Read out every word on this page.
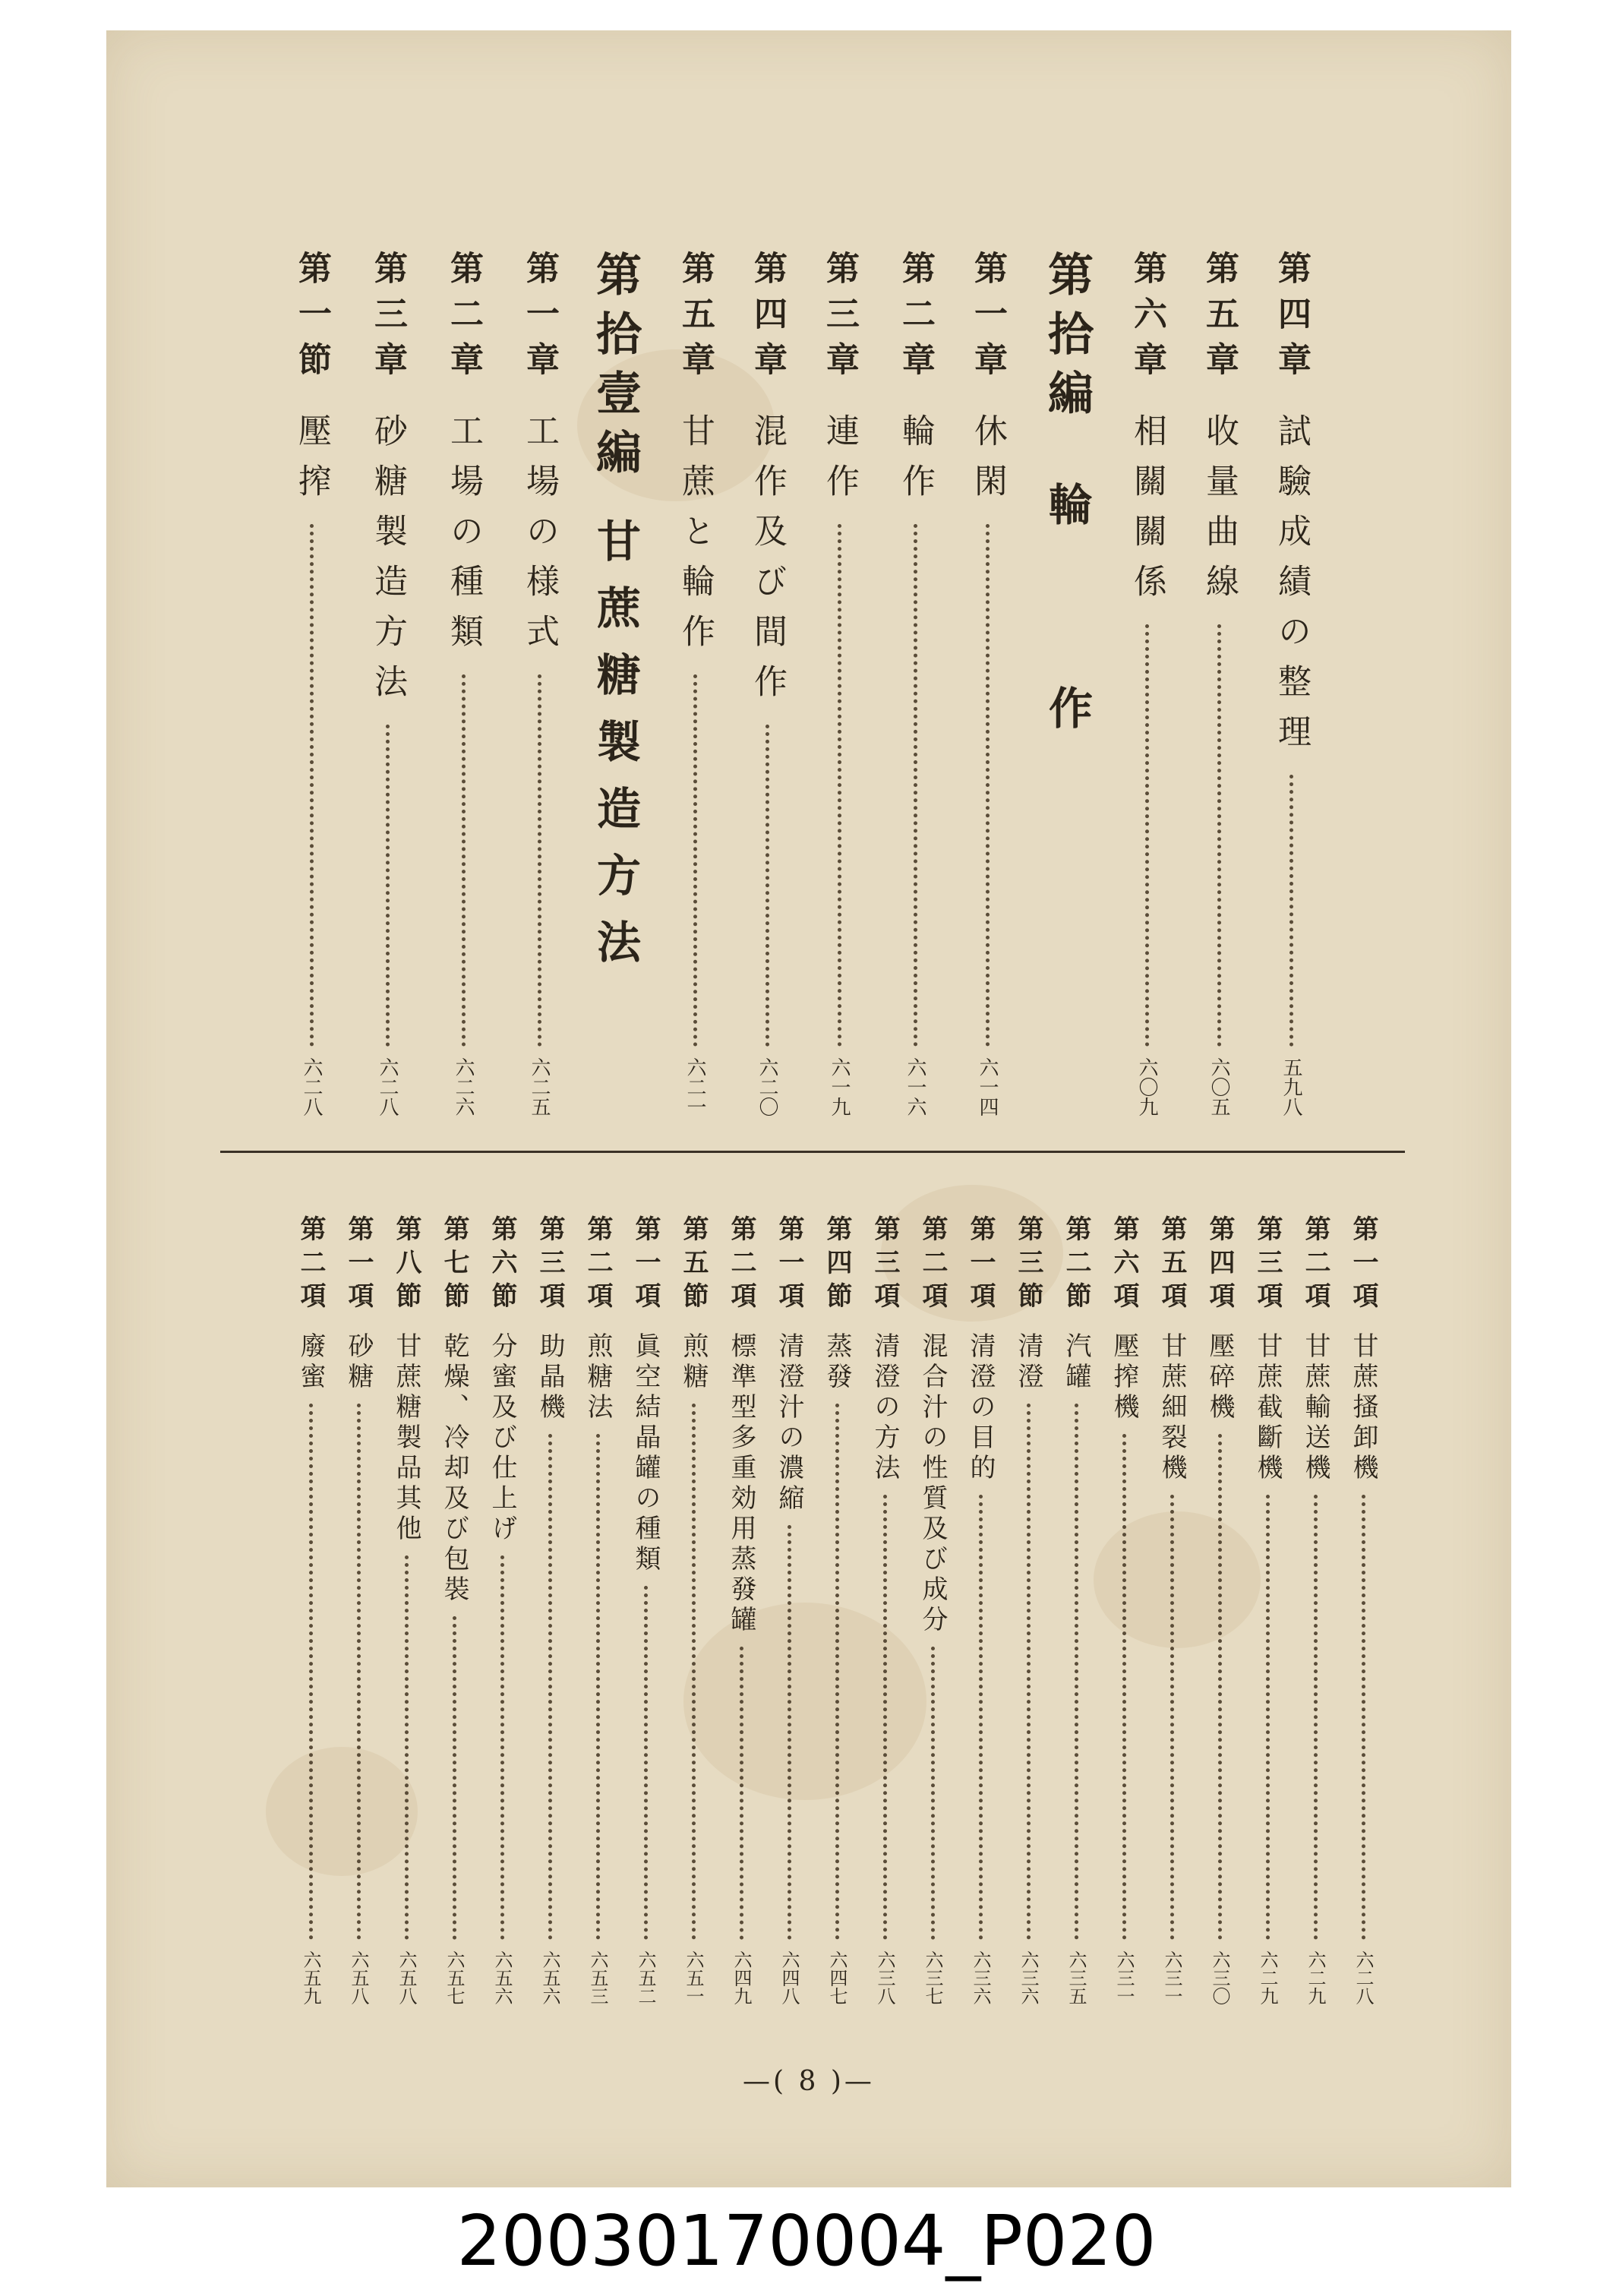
第四章
試驗成績の整理
五九八
第五章
收量曲線
六〇五
第六章
相關關係
六〇九
第拾編
輪作
第一章
休閑
六一四
第二章
輪作
六一六
第三章
連作
六一九
第四章
混作及び間作
六二〇
第五章
甘蔗と輪作
六二一
第拾壹編
甘蔗糖製造方法
第一章
工場の様式
六二五
第二章
工場の種類
六二六
第三章
砂糖製造方法
六二八
第一節
壓搾
六二八
第一項
甘蔗搔卸機
六二八
第二項
甘蔗輸送機
六二九
第三項
甘蔗截斷機
六二九
第四項
壓碎機
六三〇
第五項
甘蔗細裂機
六三一
第六項
壓搾機
六三一
第二節
汽罐
六三五
第三節
清澄
六三六
第一項
清澄の目的
六三六
第二項
混合汁の性質及び成分
六三七
第三項
清澄の方法
六三八
第四節
蒸發
六四七
第一項
清澄汁の濃縮
六四八
第二項
標準型多重効用蒸發罐
六四九
第五節
煎糖
六五一
第一項
眞空結晶罐の種類
六五二
第二項
煎糖法
六五三
第三項
助晶機
六五六
第六節
分蜜及び仕上げ
六五六
第七節
乾燥、冷却及び包裝
六五七
第八節
甘蔗糖製品其他
六五八
第一項
砂糖
六五八
第二項
廢蜜
六五九
—( 8 )—
20030170004_P020
